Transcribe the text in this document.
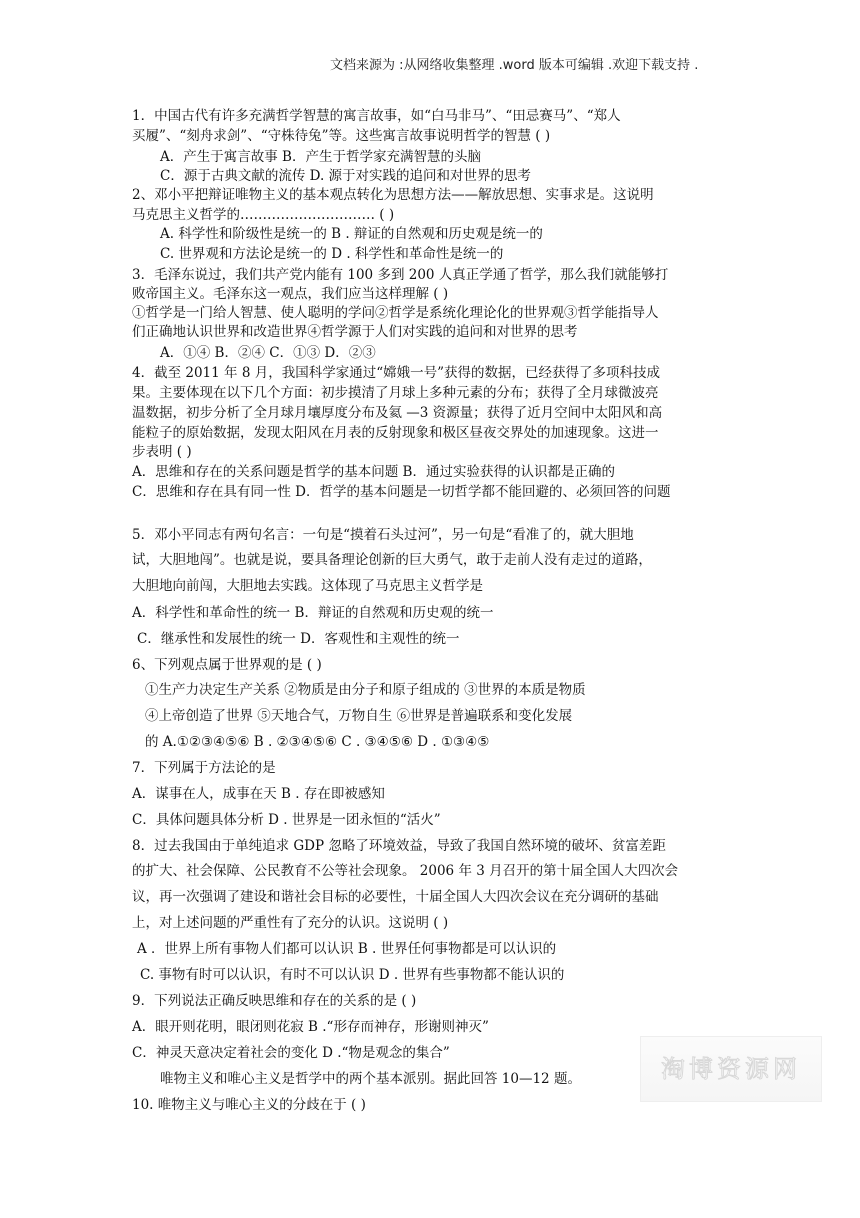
文档来源为 :从网络收集整理 .word 版本可编辑 .欢迎下载支持 .
1．中国古代有许多充满哲学智慧的寓言故事，如“白马非马”、“田忌赛马”、“郑人
买履”、“刻舟求剑”、“守株待兔”等。这些寓言故事说明哲学的智慧 ( )
A．产生于寓言故事 B．产生于哲学家充满智慧的头脑
C．源于古典文献的流传 D. 源于对实践的追问和对世界的思考
2、邓小平把辩证唯物主义的基本观点转化为思想方法——解放思想、实事求是。这说明
马克思主义哲学的………………………… ( )
A. 科学性和阶级性是统一的 B . 辩证的自然观和历史观是统一的
C. 世界观和方法论是统一的 D . 科学性和革命性是统一的
3．毛泽东说过，我们共产党内能有 100 多到 200 人真正学通了哲学，那么我们就能够打
败帝国主义。毛泽东这一观点，我们应当这样理解 ( )
①哲学是一门给人智慧、使人聪明的学问②哲学是系统化理论化的世界观③哲学能指导人
们正确地认识世界和改造世界④哲学源于人们对实践的追问和对世界的思考
A．①④ B．②④ C．①③ D．②③
4．截至 2011 年 8 月，我国科学家通过“嫦娥一号”获得的数据，已经获得了多项科技成
果。主要体现在以下几个方面：初步摸清了月球上多种元素的分布；获得了全月球微波亮
温数据，初步分析了全月球月壤厚度分布及氦 —3 资源量；获得了近月空间中太阳风和高
能粒子的原始数据，发现太阳风在月表的反射现象和极区昼夜交界处的加速现象。这进一
步表明 ( )
A．思维和存在的关系问题是哲学的基本问题 B．通过实验获得的认识都是正确的
C．思维和存在具有同一性 D．哲学的基本问题是一切哲学都不能回避的、必须回答的问题
5．邓小平同志有两句名言：一句是“摸着石头过河”，另一句是“看准了的，就大胆地
试，大胆地闯”。也就是说，要具备理论创新的巨大勇气，敢于走前人没有走过的道路，
大胆地向前闯，大胆地去实践。这体现了马克思主义哲学是
A．科学性和革命性的统一 B．辩证的自然观和历史观的统一
C．继承性和发展性的统一 D．客观性和主观性的统一
6、下列观点属于世界观的是 ( )
①生产力决定生产关系 ②物质是由分子和原子组成的 ③世界的本质是物质
④上帝创造了世界 ⑤天地合气，万物自生 ⑥世界是普遍联系和变化发展
的 A.①②③④⑤⑥ B . ②③④⑤⑥ C . ③④⑤⑥ D . ①③④⑤
7．下列属于方法论的是
A．谋事在人，成事在天 B . 存在即被感知
C．具体问题具体分析 D . 世界是一团永恒的“活火”
8．过去我国由于单纯追求 GDP 忽略了环境效益，导致了我国自然环境的破坏、贫富差距
的扩大、社会保障、公民教育不公等社会现象。 2006 年 3 月召开的第十届全国人大四次会
议，再一次强调了建设和谐社会目标的必要性，十届全国人大四次会议在充分调研的基础
上，对上述问题的严重性有了充分的认识。这说明 ( )
A ．世界上所有事物人们都可以认识 B . 世界任何事物都是可以认识的
C. 事物有时可以认识，有时不可以认识 D . 世界有些事物都不能认识的
9．下列说法正确反映思维和存在的关系的是 ( )
A．眼开则花明，眼闭则花寂 B .“形存而神存，形谢则神灭”
C．神灵天意决定着社会的变化 D .“物是观念的集合”
唯物主义和唯心主义是哲学中的两个基本派别。据此回答 10—12 题。
10. 唯物主义与唯心主义的分歧在于 ( )
淘博资源网
